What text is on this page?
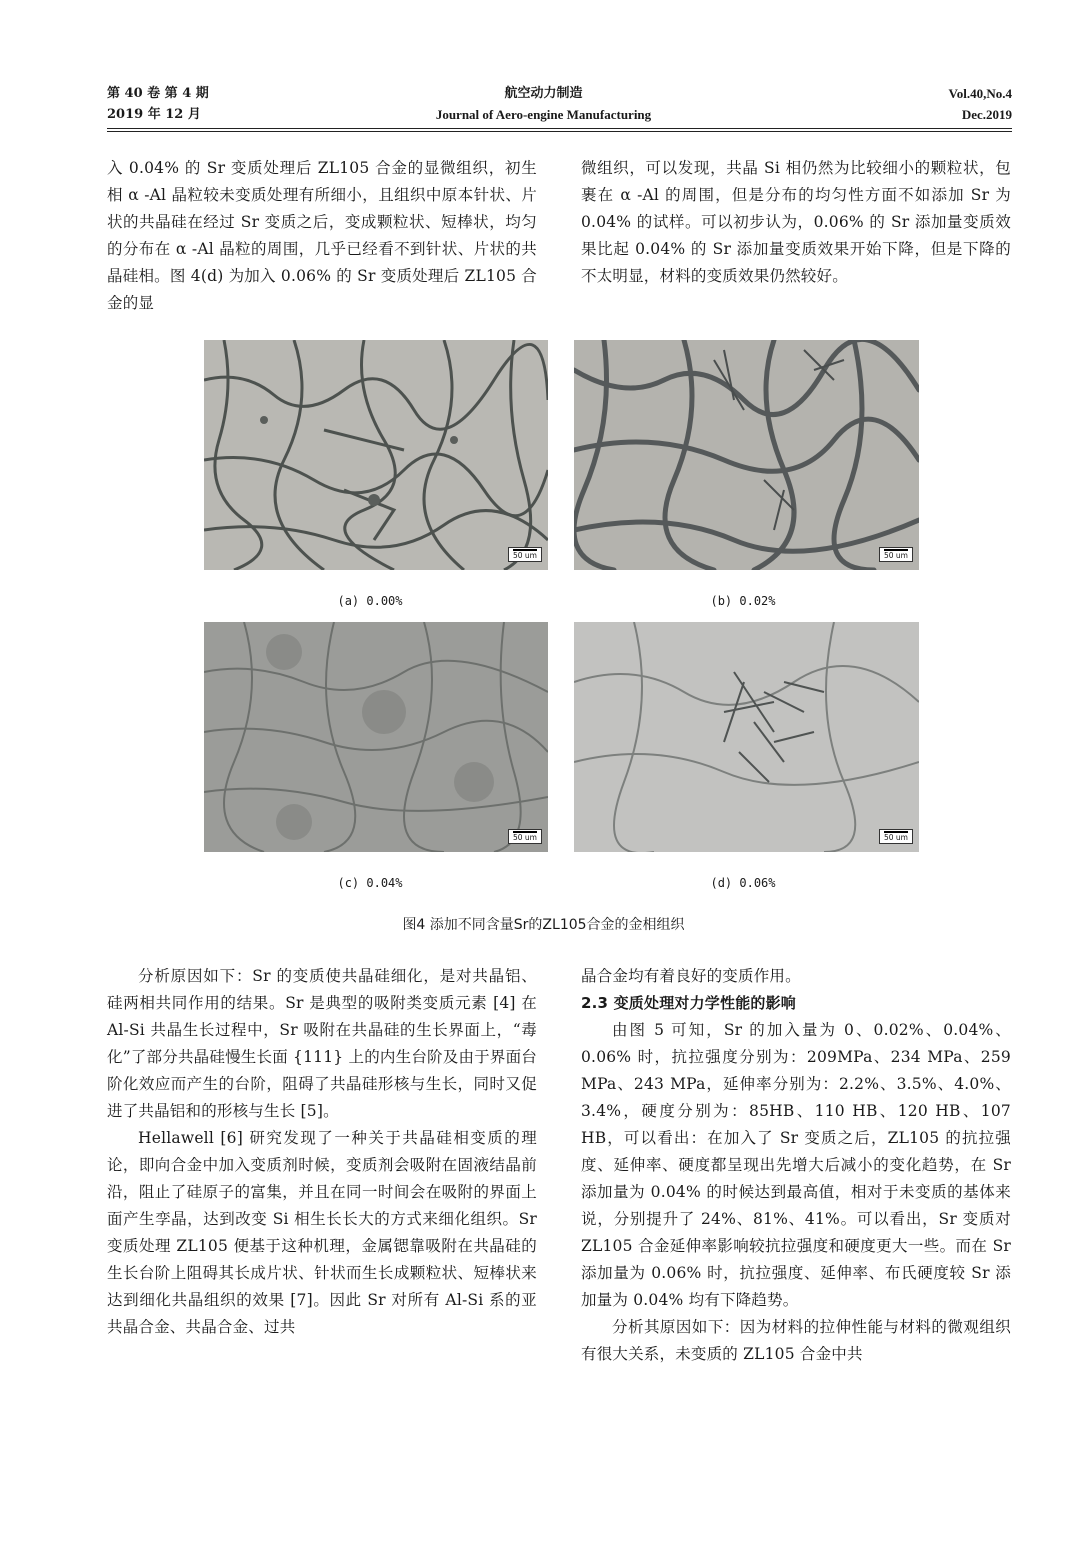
第 40 卷 第 4 期
2019 年 12 月
航空动力制造
Journal of Aero-engine Manufacturing
Vol.40,No.4
Dec.2019

入 0.04% 的 Sr 变质处理后 ZL105 合金的显微组织，初生相 α -Al 晶粒较未变质处理有所细小，且组织中原本针状、片状的共晶硅在经过 Sr 变质之后，变成颗粒状、短棒状，均匀的分布在 α -Al 晶粒的周围，几乎已经看不到针状、片状的共晶硅相。图 4(d) 为加入 0.06% 的 Sr 变质处理后 ZL105 合金的显

微组织，可以发现，共晶 Si 相仍然为比较细小的颗粒状，包裹在 α -Al 的周围，但是分布的均匀性方面不如添加 Sr 为 0.04% 的试样。可以初步认为，0.06% 的 Sr 添加量变质效果比起 0.04% 的 Sr 添加量变质效果开始下降，但是下降的不太明显，材料的变质效果仍然较好。

50 um	50 um
(a) 0.00%	(b) 0.02%
50 um	50 um
(c) 0.04%	(d) 0.06%
图4 添加不同含量Sr的ZL105合金的金相组织

分析原因如下：Sr 的变质使共晶硅细化，是对共晶铝、硅两相共同作用的结果。Sr 是典型的吸附类变质元素 [4] 在 Al-Si 共晶生长过程中，Sr 吸附在共晶硅的生长界面上，“毒化”了部分共晶硅慢生长面 {111} 上的内生台阶及由于界面台阶化效应而产生的台阶，阻碍了共晶硅形核与生长，同时又促进了共晶铝和的形核与生长 [5]。

Hellawell [6] 研究发现了一种关于共晶硅相变质的理论，即向合金中加入变质剂时候，变质剂会吸附在固液结晶前沿，阻止了硅原子的富集，并且在同一时间会在吸附的界面上面产生孪晶，达到改变 Si 相生长长大的方式来细化组织。Sr 变质处理 ZL105 便基于这种机理，金属锶靠吸附在共晶硅的生长台阶上阻碍其长成片状、针状而生长成颗粒状、短棒状来达到细化共晶组织的效果 [7]。因此 Sr 对所有 Al-Si 系的亚共晶合金、共晶合金、过共

晶合金均有着良好的变质作用。

2.3 变质处理对力学性能的影响

由图 5 可知，Sr 的加入量为 0、0.02%、0.04%、0.06% 时，抗拉强度分别为：209MPa、234 MPa、259 MPa、243 MPa，延伸率分别为：2.2%、3.5%、4.0%、3.4%，硬度分别为：85HB、110 HB、120 HB、107 HB，可以看出：在加入了 Sr 变质之后，ZL105 的抗拉强度、延伸率、硬度都呈现出先增大后减小的变化趋势，在 Sr 添加量为 0.04% 的时候达到最高值，相对于未变质的基体来说，分别提升了 24%、81%、41%。可以看出，Sr 变质对 ZL105 合金延伸率影响较抗拉强度和硬度更大一些。而在 Sr 添加量为 0.06% 时，抗拉强度、延伸率、布氏硬度较 Sr 添加量为 0.04% 均有下降趋势。

分析其原因如下：因为材料的拉伸性能与材料的微观组织有很大关系，未变质的 ZL105 合金中共
